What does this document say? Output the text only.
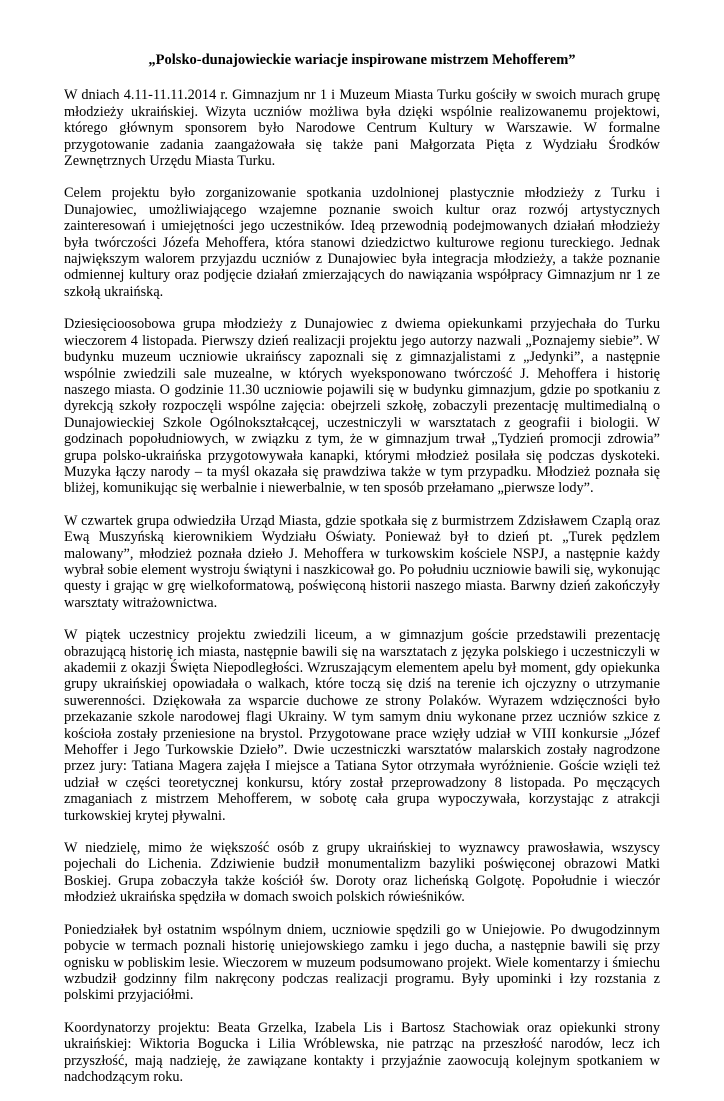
„Polsko-dunajowieckie wariacje inspirowane mistrzem Mehofferem”

W dniach 4.11-11.11.2014 r. Gimnazjum nr 1 i Muzeum Miasta Turku gościły w swoich murach grupę młodzieży ukraińskiej. Wizyta uczniów możliwa była dzięki wspólnie realizowanemu projektowi, którego głównym sponsorem było Narodowe Centrum Kultury w Warszawie. W formalne przygotowanie zadania zaangażowała się także pani Małgorzata Pięta z Wydziału Środków Zewnętrznych Urzędu Miasta Turku.

Celem projektu było zorganizowanie spotkania uzdolnionej plastycznie młodzieży z Turku i Dunajowiec, umożliwiającego wzajemne poznanie swoich kultur oraz rozwój artystycznych zainteresowań i umiejętności jego uczestników. Ideą przewodnią podejmowanych działań młodzieży była twórczości Józefa Mehoffera, która stanowi dziedzictwo kulturowe regionu tureckiego. Jednak największym walorem przyjazdu uczniów z Dunajowiec była integracja młodzieży, a także poznanie odmiennej kultury oraz podjęcie działań zmierzających do nawiązania współpracy Gimnazjum nr 1 ze szkołą ukraińską.

Dziesięcioosobowa grupa młodzieży z Dunajowiec z dwiema opiekunkami przyjechała do Turku wieczorem 4 listopada. Pierwszy dzień realizacji projektu jego autorzy nazwali „Poznajemy siebie”. W budynku muzeum uczniowie ukraińscy zapoznali się z gimnazjalistami z „Jedynki”, a następnie wspólnie zwiedzili sale muzealne, w których wyeksponowano twórczość J. Mehoffera i historię naszego miasta. O godzinie 11.30 uczniowie pojawili się w budynku gimnazjum, gdzie po spotkaniu z dyrekcją szkoły rozpoczęli wspólne zajęcia: obejrzeli szkołę, zobaczyli prezentację multimedialną o Dunajowieckiej Szkole Ogólnokształcącej, uczestniczyli w warsztatach z geografii i biologii. W godzinach popołudniowych, w związku z tym, że w gimnazjum trwał „Tydzień promocji zdrowia” grupa polsko-ukraińska przygotowywała kanapki, którymi młodzież posilała się podczas dyskoteki. Muzyka łączy narody – ta myśl okazała się prawdziwa także w tym przypadku. Młodzież poznała się bliżej, komunikując się werbalnie i niewerbalnie, w ten sposób przełamano „pierwsze lody”.

W czwartek grupa odwiedziła Urząd Miasta, gdzie spotkała się z burmistrzem Zdzisławem Czaplą oraz Ewą Muszyńską kierownikiem Wydziału Oświaty. Ponieważ był to dzień pt. „Turek pędzlem malowany”, młodzież poznała dzieło J. Mehoffera w turkowskim kościele NSPJ, a następnie każdy wybrał sobie element wystroju świątyni i naszkicował go. Po południu uczniowie bawili się, wykonując questy i grając w grę wielkoformatową, poświęconą historii naszego miasta. Barwny dzień zakończyły warsztaty witrażownictwa.

W piątek uczestnicy projektu zwiedzili liceum, a w gimnazjum goście przedstawili prezentację obrazującą historię ich miasta, następnie bawili się na warsztatach z języka polskiego i uczestniczyli w akademii z okazji Święta Niepodległości. Wzruszającym elementem apelu był moment, gdy opiekunka grupy ukraińskiej opowiadała o walkach, które toczą się dziś na terenie ich ojczyzny o utrzymanie suwerenności. Dziękowała za wsparcie duchowe ze strony Polaków. Wyrazem wdzięczności było przekazanie szkole narodowej flagi Ukrainy. W tym samym dniu wykonane przez uczniów szkice z kościoła zostały przeniesione na brystol. Przygotowane prace wzięły udział w VIII konkursie „Józef Mehoffer i Jego Turkowskie Dzieło”. Dwie uczestniczki warsztatów malarskich zostały nagrodzone przez jury: Tatiana Magera zajęła I miejsce a Tatiana Sytor otrzymała wyróżnienie. Goście wzięli też udział w części teoretycznej konkursu, który został przeprowadzony 8 listopada. Po męczących zmaganiach z mistrzem Mehofferem, w sobotę cała grupa wypoczywała, korzystając z atrakcji turkowskiej krytej pływalni.

W niedzielę, mimo że większość osób z grupy ukraińskiej to wyznawcy prawosławia, wszyscy pojechali do Lichenia. Zdziwienie budził monumentalizm bazyliki poświęconej obrazowi Matki Boskiej. Grupa zobaczyła także kościół św. Doroty oraz licheńską Golgotę. Popołudnie i wieczór młodzież ukraińska spędziła w domach swoich polskich rówieśników.

Poniedziałek był ostatnim wspólnym dniem, uczniowie spędzili go w Uniejowie. Po dwugodzinnym pobycie w termach poznali historię uniejowskiego zamku i jego ducha, a następnie bawili się przy ognisku w pobliskim lesie. Wieczorem w muzeum podsumowano projekt. Wiele komentarzy i śmiechu wzbudził godzinny film nakręcony podczas realizacji programu. Były upominki i łzy rozstania z polskimi przyjaciółmi.

Koordynatorzy projektu: Beata Grzelka, Izabela Lis i Bartosz Stachowiak oraz opiekunki strony ukraińskiej: Wiktoria Bogucka i Lilia Wróblewska, nie patrząc na przeszłość narodów, lecz ich przyszłość, mają nadzieję, że zawiązane kontakty i przyjaźnie zaowocują kolejnym spotkaniem w nadchodzącym roku.
